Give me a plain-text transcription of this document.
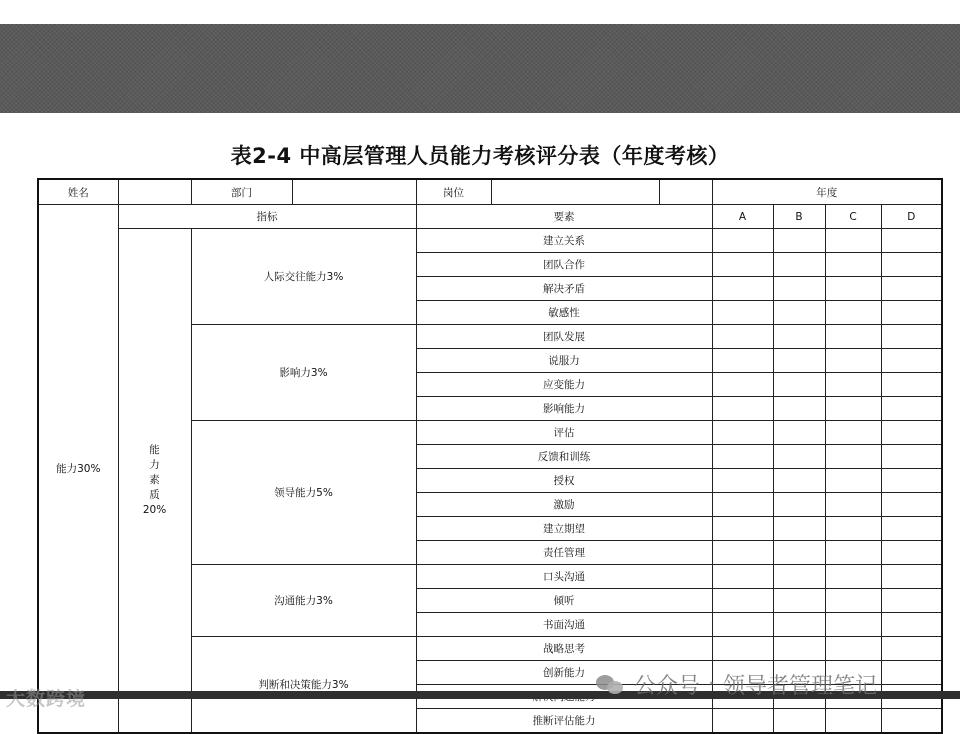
表2-4 中高层管理人员能力考核评分表（年度考核）
姓名		部门		岗位			年度			
能力30%	指标			要素			A	B	C	D

	能
力
素
质
20%	人际交往能力3%		建立关系						
				团队合作						
				解决矛盾						
				敏感性						
		影响力3%		团队发展						
				说服力						
				应变能力						
				影响能力						
		领导能力5%		评估						
				反馈和训练						
				授权						
				激励						
				建立期望						
				责任管理						
		沟通能力3%		口头沟通						
				倾听						
				书面沟通						
		判断和决策能力3%		战略思考						
				创新能力						

				推断评估能力						
大数跨境
公众号 · 领导者管理笔记
